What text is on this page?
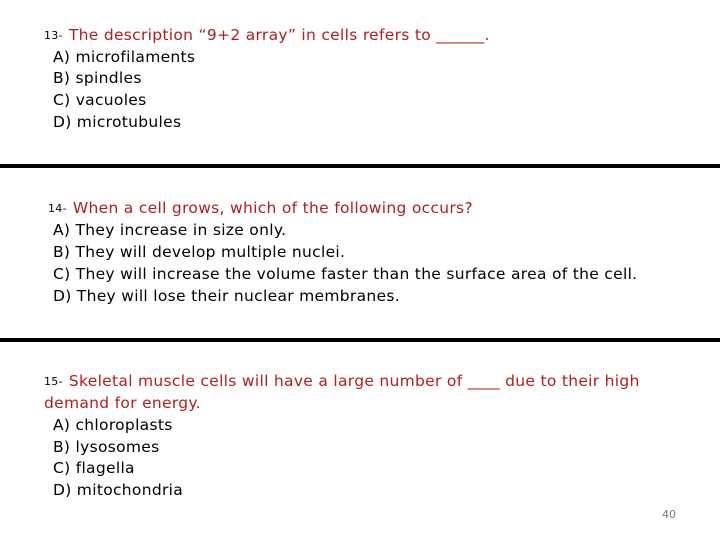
13- The description “9+2 array” in cells refers to ______.
A) microfilaments
B) spindles
C) vacuoles
D) microtubules
14- When a cell grows, which of the following occurs?
A) They increase in size only.
B) They will develop multiple nuclei.
C) They will increase the volume faster than the surface area of the cell.
D) They will lose their nuclear membranes.
15- Skeletal muscle cells will have a large number of ____ due to their high
demand for energy.
A) chloroplasts
B) lysosomes
C) flagella
D) mitochondria
40
